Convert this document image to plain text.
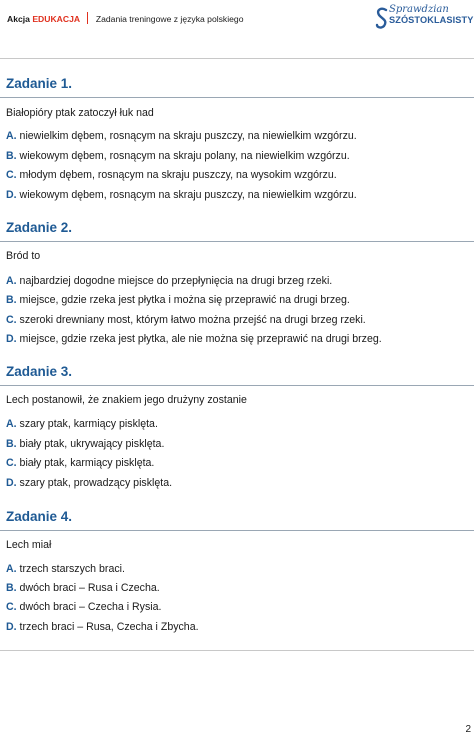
Akcja EDUKACJA Zadania treningowe z języka polskiego
Sprawdzian
SZÓSTOKLASISTY
Zadanie 1.
Białopióry ptak zatoczył łuk nad
A. niewielkim dębem, rosnącym na skraju puszczy, na niewielkim wzgórzu.
B. wiekowym dębem, rosnącym na skraju polany, na niewielkim wzgórzu.
C. młodym dębem, rosnącym na skraju puszczy, na wysokim wzgórzu.
D. wiekowym dębem, rosnącym na skraju puszczy, na niewielkim wzgórzu.
Zadanie 2.
Bród to
A. najbardziej dogodne miejsce do przepłynięcia na drugi brzeg rzeki.
B. miejsce, gdzie rzeka jest płytka i można się przeprawić na drugi brzeg.
C. szeroki drewniany most, którym łatwo można przejść na drugi brzeg rzeki.
D. miejsce, gdzie rzeka jest płytka, ale nie można się przeprawić na drugi brzeg.
Zadanie 3.
Lech postanowił, że znakiem jego drużyny zostanie
A. szary ptak, karmiący pisklęta.
B. biały ptak, ukrywający pisklęta.
C. biały ptak, karmiący pisklęta.
D. szary ptak, prowadzący pisklęta.
Zadanie 4.
Lech miał
A. trzech starszych braci.
B. dwóch braci – Rusa i Czecha.
C. dwóch braci – Czecha i Rysia.
D. trzech braci – Rusa, Czecha i Zbycha.
2
